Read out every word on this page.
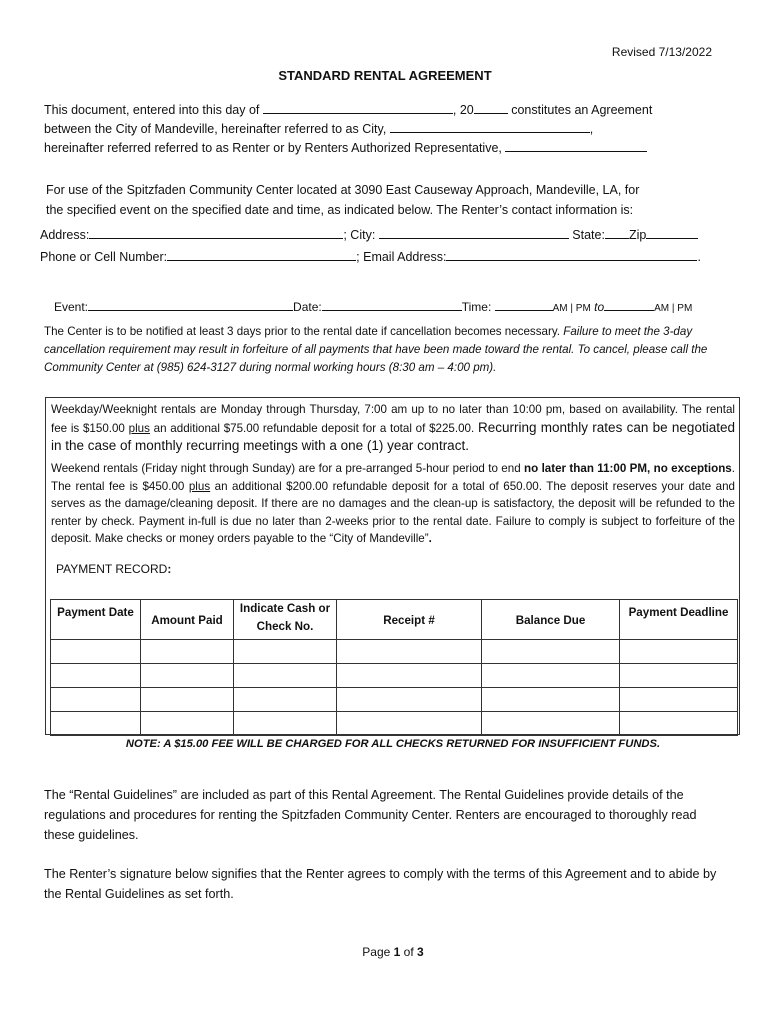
Revised 7/13/2022
STANDARD RENTAL AGREEMENT
This document, entered into this day of	, 20	constitutes an Agreement
between the City of Mandeville, hereinafter referred to as City,	,
hereinafter referred referred to as Renter or by Renters Authorized Representative,
For use of the Spitzfaden Community Center located at 3090 East Causeway Approach, Mandeville, LA, for
the specified event on the specified date and time, as indicated below. The Renter’s contact information is:
Address:	; City:	State: Zip
Phone or Cell Number:	; Email Address:	.
Event:	Date:	Time:	AM | PM to	AM | PM
The Center is to be notified at least 3 days prior to the rental date if cancellation becomes necessary. Failure to meet the 3-day cancellation requirement may result in forfeiture of all payments that have been made toward the rental. To cancel, please call the Community Center at (985) 624-3127 during normal working hours (8:30 am – 4:00 pm).

Weekday/Weeknight rentals are Monday through Thursday, 7:00 am up to no later than 10:00 pm, based on availability. The rental fee is $150.00 plus an additional $75.00 refundable deposit for a total of $225.00. Recurring monthly rates can be negotiated in the case of monthly recurring meetings with a one (1) year contract.

Weekend rentals (Friday night through Sunday) are for a pre-arranged 5-hour period to end no later than 11:00 PM, no exceptions. The rental fee is $450.00 plus an additional $200.00 refundable deposit for a total of 650.00. The deposit reserves your date and serves as the damage/cleaning deposit. If there are no damages and the clean-up is satisfactory, the deposit will be refunded to the renter by check. Payment in-full is due no later than 2-weeks prior to the rental date. Failure to comply is subject to forfeiture of the deposit. Make checks or money orders payable to the “City of Mandeville”.

PAYMENT RECORD:

Payment Date	Amount Paid	Indicate Cash or Check No.	Receipt #	Balance Due	Payment Deadline

NOTE: A $15.00 FEE WILL BE CHARGED FOR ALL CHECKS RETURNED FOR INSUFFICIENT FUNDS.
The “Rental Guidelines” are included as part of this Rental Agreement. The Rental Guidelines provide details of the regulations and procedures for renting the Spitzfaden Community Center. Renters are encouraged to thoroughly read these guidelines.
The Renter’s signature below signifies that the Renter agrees to comply with the terms of this Agreement and to abide by the Rental Guidelines as set forth.
Page 1 of 3
